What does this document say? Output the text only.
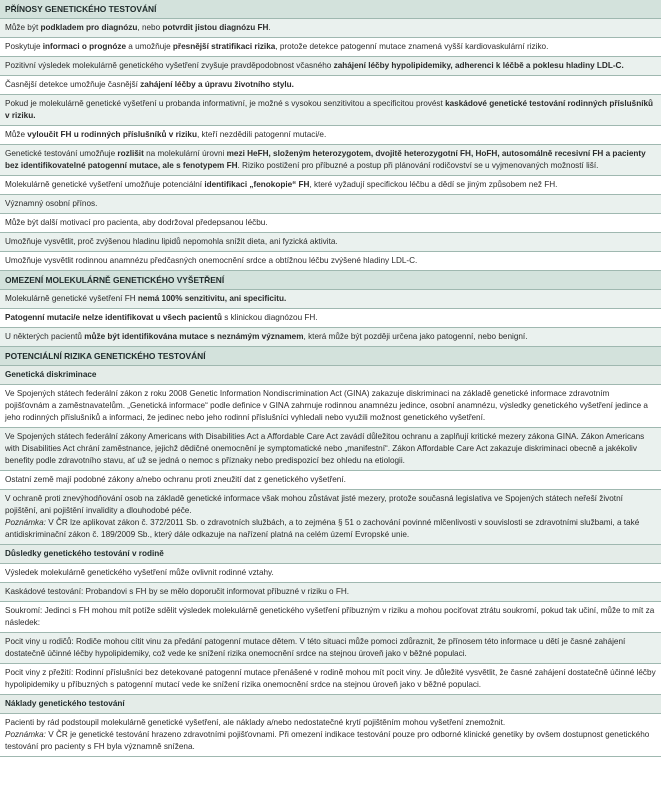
PŘÍNOSY GENETICKÉHO TESTOVÁNÍ
Může být podkladem pro diagnózu, nebo potvrdit jistou diagnózu FH.
Poskytuje informaci o prognóze a umožňuje přesnější stratifikaci rizika, protože detekce patogenní mutace znamená vyšší kardiovaskulární riziko.
Pozitivní výsledek molekulárně genetického vyšetření zvyšuje pravděpodobnost včasného zahájení léčby hypolipidemiky, adherenci k léčbě a poklesu hladiny LDL-C.
Časnější detekce umožňuje časnější zahájení léčby a úpravu životního stylu.
Pokud je molekulárně genetické vyšetření u probanda informativní, je možné s vysokou senzitivitou a specificitou provést kaskádové genetické testování rodinných příslušníků v riziku.
Může vyloučit FH u rodinných příslušníků v riziku, kteří nezdědili patogenní mutaci/e.
Genetické testování umožňuje rozlišit na molekulární úrovni mezi HeFH, složeným heterozygotem, dvojitě heterozygotní FH, HoFH, autosomálně recesivní FH a pacienty bez identifikovatelné patogenní mutace, ale s fenotypem FH. Riziko postižení pro příbuzné a postup při plánování rodičovství se u vyjmenovaných možností liší.
Molekulárně genetické vyšetření umožňuje potenciální identifikaci „fenokopie“ FH, které vyžadují specifickou léčbu a dědí se jiným způsobem než FH.
Významný osobní přínos.
Může být další motivací pro pacienta, aby dodržoval předepsanou léčbu.
Umožňuje vysvětlit, proč zvýšenou hladinu lipidů nepomohla snížit dieta, ani fyzická aktivita.
Umožňuje vysvětlit rodinnou anamnézu předčasných onemocnění srdce a obtížnou léčbu zvýšené hladiny LDL-C.
OMEZENÍ MOLEKULÁRNĚ GENETICKÉHO VYŠETŘENÍ
Molekulárně genetické vyšetření FH nemá 100% senzitivitu, ani specificitu.
Patogenní mutaci/e nelze identifikovat u všech pacientů s klinickou diagnózou FH.
U některých pacientů může být identifikována mutace s neznámým významem, která může být později určena jako patogenní, nebo benigní.
POTENCIÁLNÍ RIZIKA GENETICKÉHO TESTOVÁNÍ
Genetická diskriminace
Ve Spojených státech federální zákon z roku 2008 Genetic Information Nondiscrimination Act (GINA) zakazuje diskriminaci na základě genetické informace zdravotním pojišťovnám a zaměstnavatelům. „Genetická informace“ podle definice v GINA zahrnuje rodinnou anamnézu jedince, osobní anamnézu, výsledky genetického vyšetření jedince a jeho rodinných příslušníků a informaci, že jedinec nebo jeho rodinní příslušníci vyhledali nebo využili možnost genetického vyšetření.
Ve Spojených státech federální zákony Americans with Disabilities Act a Affordable Care Act zavádí důležitou ochranu a zaplňují kritické mezery zákona GINA. Zákon Americans with Disabilities Act chrání zaměstnance, jejichž dědičné onemocnění je symptomatické nebo „manifestní“. Zákon Affordable Care Act zakazuje diskriminaci obecně a jakékoliv benefity podle zdravotního stavu, ať už se jedná o nemoc s příznaky nebo predispozicí bez ohledu na etiologii.
Ostatní země mají podobné zákony a/nebo ochranu proti zneužití dat z genetického vyšetření.
V ochraně proti znevýhodňování osob na základě genetické informace však mohou zůstávat jisté mezery, protože současná legislativa ve Spojených státech neřeší životní pojištění, ani pojištění invalidity a dlouhodobé péče.
Poznámka: V ČR lze aplikovat zákon č. 372/2011 Sb. o zdravotních službách, a to zejména § 51 o zachování povinné mlčenlivosti v souvislosti se zdravotními službami, a také antidiskriminační zákon č. 189/2009 Sb., který dále odkazuje na nařízení platná na celém území Evropské unie.
Důsledky genetického testování v rodině
Výsledek molekulárně genetického vyšetření může ovlivnit rodinné vztahy.
Kaskádové testování: Probandovi s FH by se mělo doporučit informovat příbuzné v riziku o FH.
Soukromí: Jedinci s FH mohou mít potíže sdělit výsledek molekulárně genetického vyšetření příbuzným v riziku a mohou pociťovat ztrátu soukromí, pokud tak učiní, může to mít za následek:
Pocit viny u rodičů: Rodiče mohou cítit vinu za předání patogenní mutace dětem. V této situaci může pomoci zdůraznit, že přínosem této informace u dětí je časné zahájení dostatečně účinné léčby hypolipidemiky, což vede ke snížení rizika onemocnění srdce na stejnou úroveň jako v běžné populaci.
Pocit viny z přežití: Rodinní příslušníci bez detekované patogenní mutace přenášené v rodině mohou mít pocit viny. Je důležité vysvětlit, že časné zahájení dostatečně účinné léčby hypolipidemiky u příbuzných s patogenní mutací vede ke snížení rizika onemocnění srdce na stejnou úroveň jako v běžné populaci.
Náklady genetického testování
Pacienti by rád podstoupil molekulárně genetické vyšetření, ale náklady a/nebo nedostatečné krytí pojištěním mohou vyšetření znemožnit.
Poznámka: V ČR je genetické testování hrazeno zdravotními pojišťovnami. Při omezení indikace testování pouze pro odborné klinické genetiky by ovšem dostupnost genetického testování pro pacienty s FH byla významně snížena.
